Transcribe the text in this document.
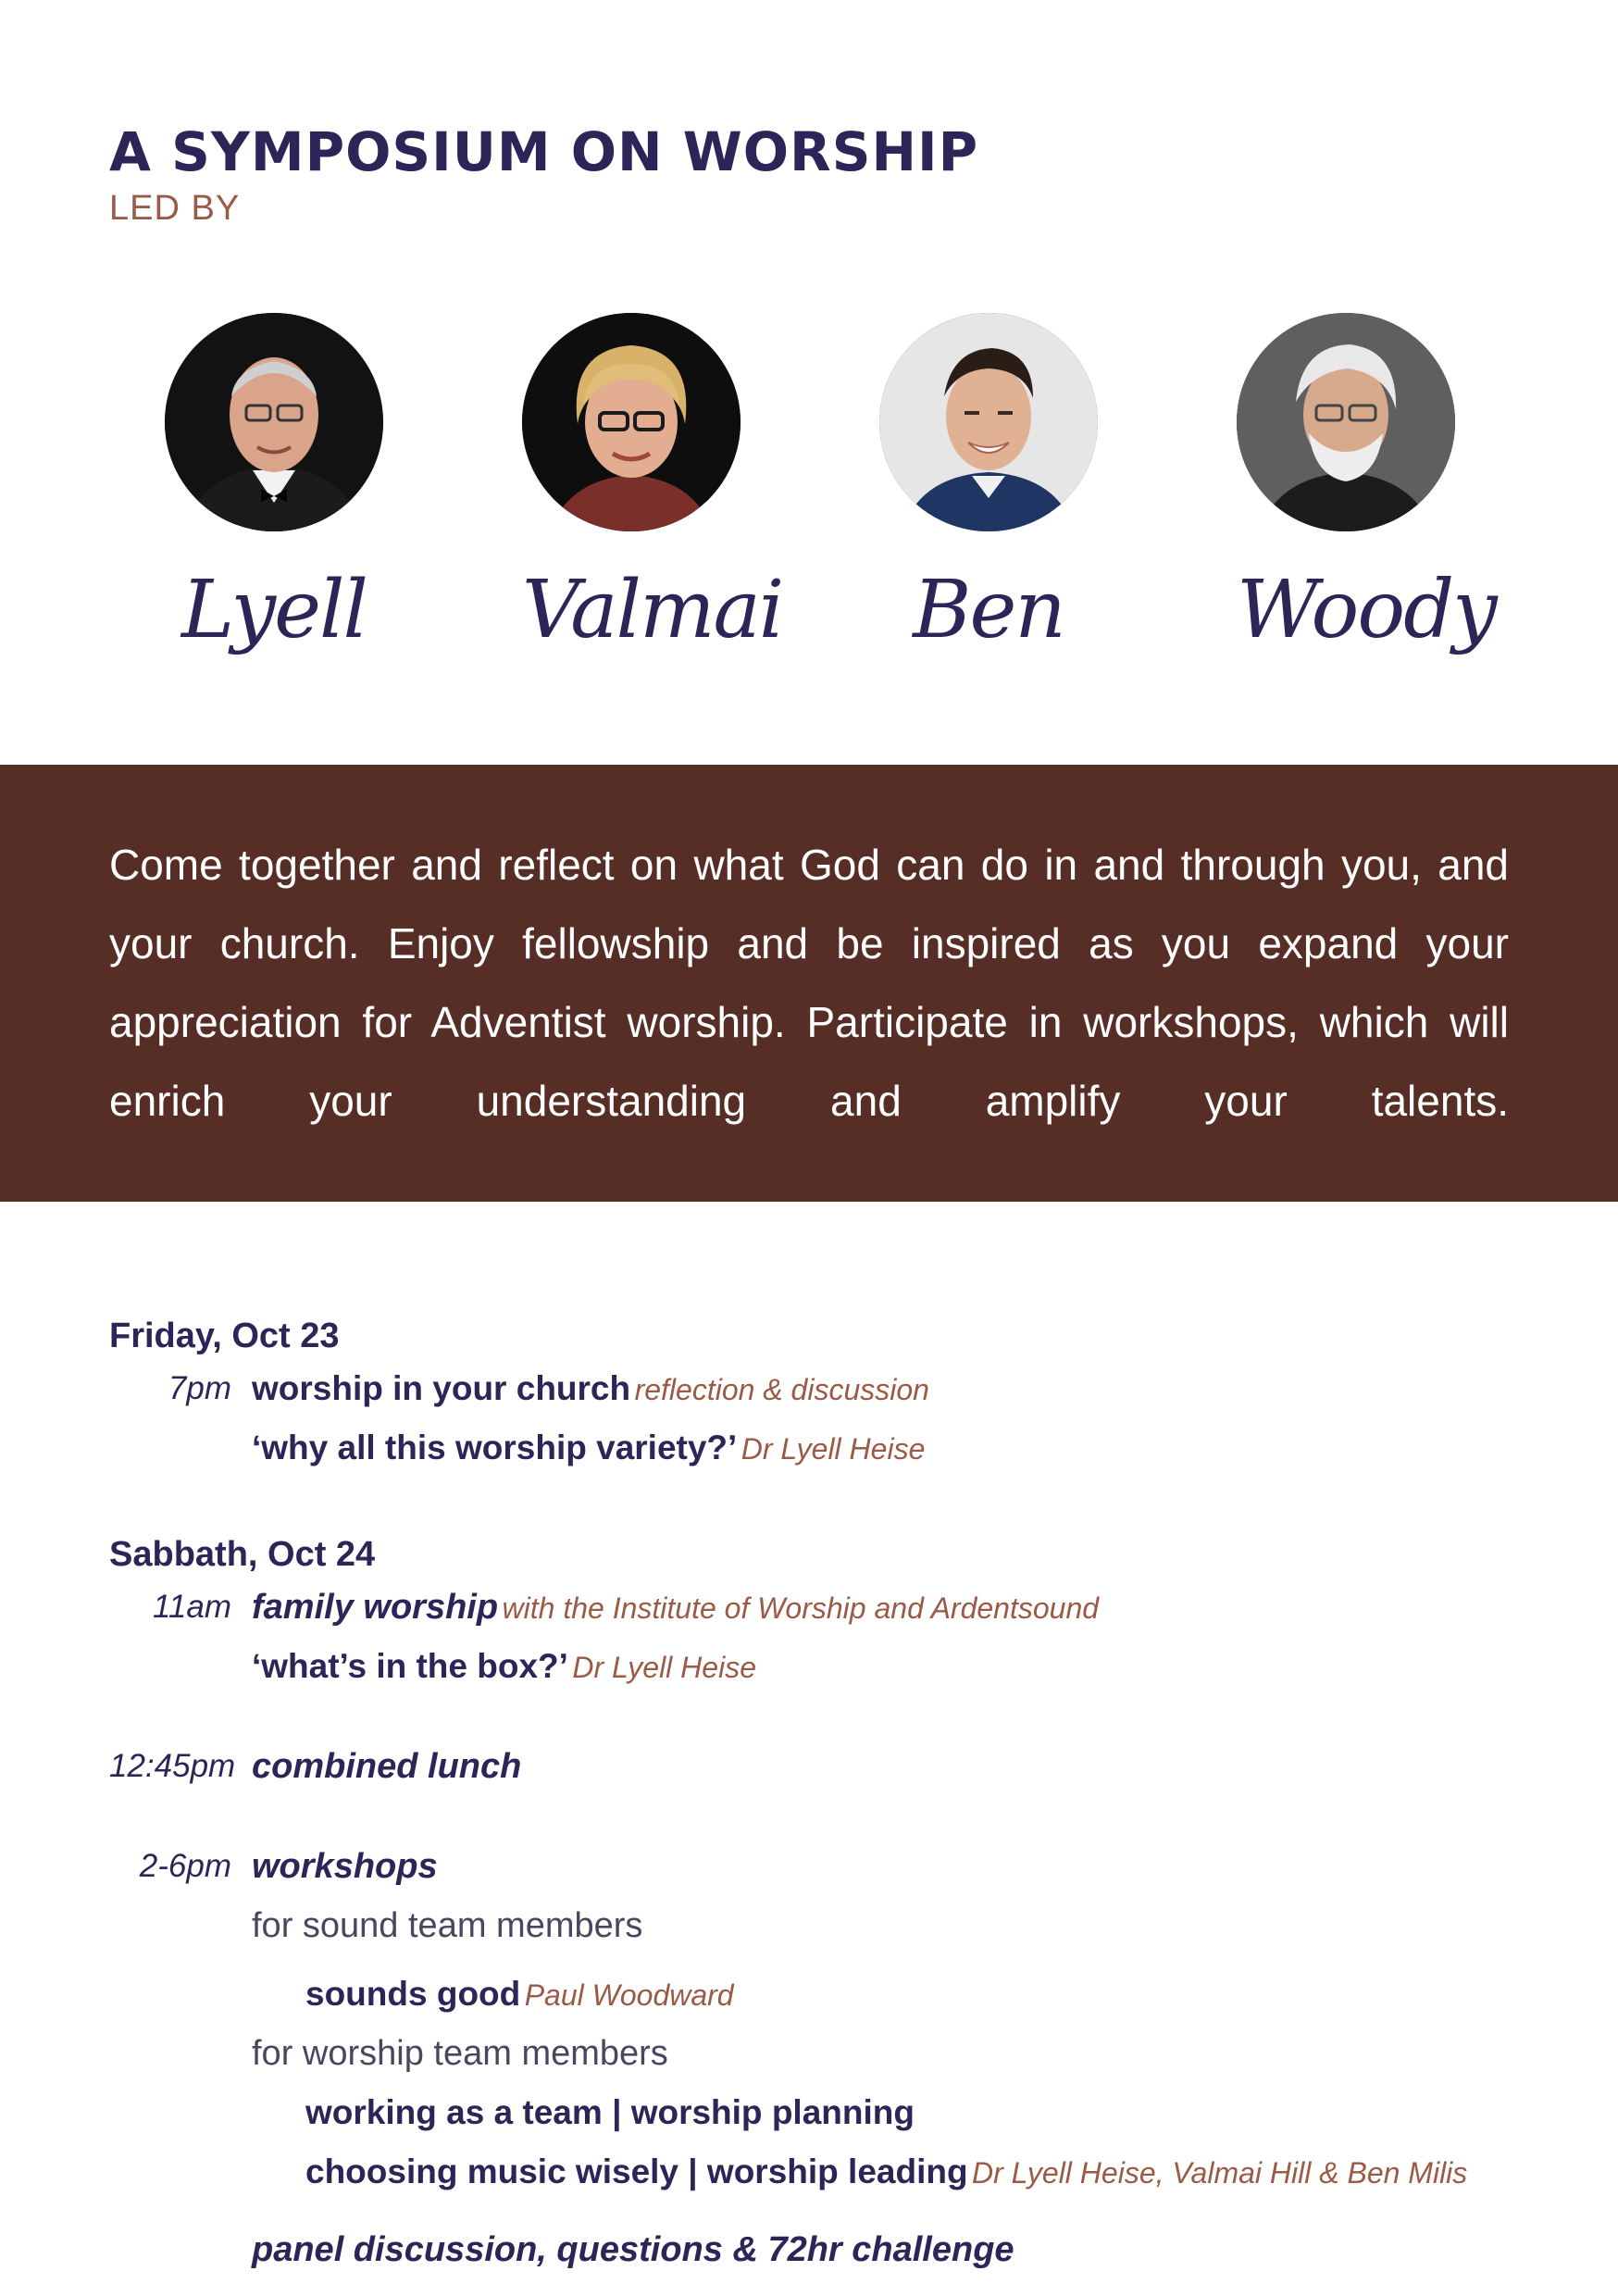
A SYMPOSIUM ON WORSHIP
LED BY
Lyell Valmai	Ben	Woody
Come together and reflect on what God can do in and through you, and your church. Enjoy fellowship and be inspired as you expand your appreciation for Adventist worship. Participate in workshops, which will enrich your understanding and amplify your talents.
Friday, Oct 23
7pm worship in your church reflection & discussion
‘why all this worship variety?’ Dr Lyell Heise
Sabbath, Oct 24
11am family worship with the Institute of Worship and Ardentsound
‘what’s in the box?’ Dr Lyell Heise
12:45pm combined lunch
2-6pm workshops
for sound team members
sounds good Paul Woodward
for worship team members
working as a team | worship planning
choosing music wisely | worship leading Dr Lyell Heise, Valmai Hill & Ben Milis
panel discussion, questions & 72hr challenge
